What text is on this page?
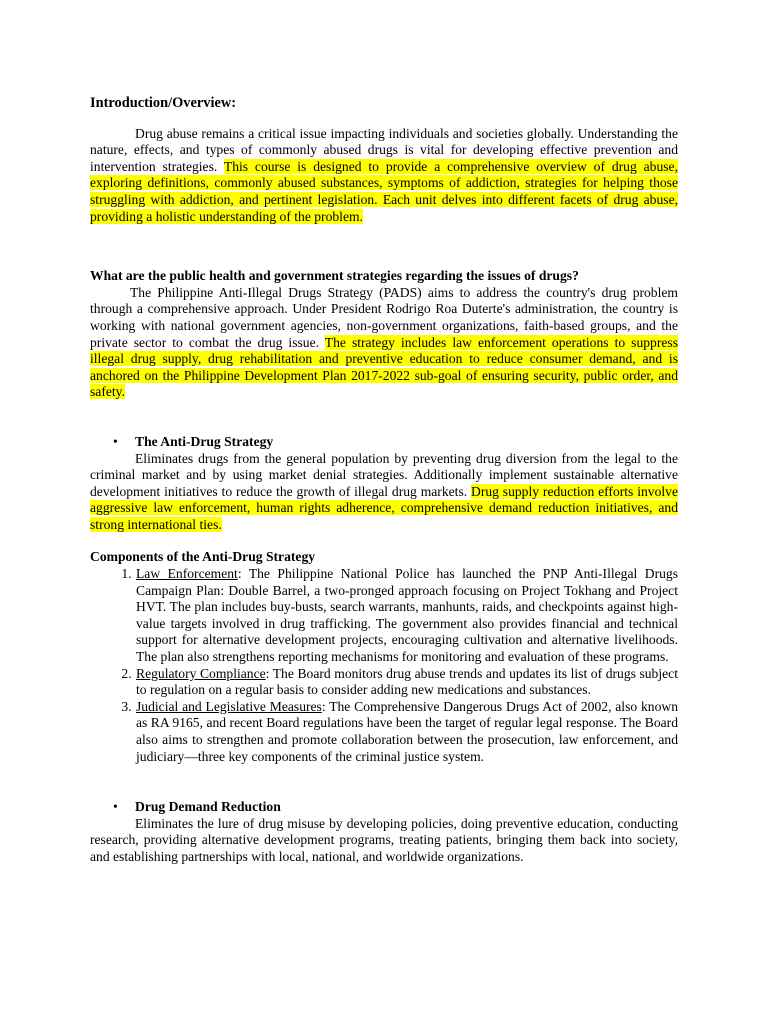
Introduction/Overview:

Drug abuse remains a critical issue impacting individuals and societies globally. Understanding the nature, effects, and types of commonly abused drugs is vital for developing effective prevention and intervention strategies. This course is designed to provide a comprehensive overview of drug abuse, exploring definitions, commonly abused substances, symptoms of addiction, strategies for helping those struggling with addiction, and pertinent legislation. Each unit delves into different facets of drug abuse, providing a holistic understanding of the problem.

What are the public health and government strategies regarding the issues of drugs?

The Philippine Anti-Illegal Drugs Strategy (PADS) aims to address the country's drug problem through a comprehensive approach. Under President Rodrigo Roa Duterte's administration, the country is working with national government agencies, non-government organizations, faith-based groups, and the private sector to combat the drug issue. The strategy includes law enforcement operations to suppress illegal drug supply, drug rehabilitation and preventive education to reduce consumer demand, and is anchored on the Philippine Development Plan 2017-2022 sub-goal of ensuring security, public order, and safety.

• The Anti-Drug Strategy

Eliminates drugs from the general population by preventing drug diversion from the legal to the criminal market and by using market denial strategies. Additionally implement sustainable alternative development initiatives to reduce the growth of illegal drug markets. Drug supply reduction efforts involve aggressive law enforcement, human rights adherence, comprehensive demand reduction initiatives, and strong international ties.

Components of the Anti-Drug Strategy

1. Law Enforcement: The Philippine National Police has launched the PNP Anti-Illegal Drugs Campaign Plan: Double Barrel, a two-pronged approach focusing on Project Tokhang and Project HVT. The plan includes buy-busts, search warrants, manhunts, raids, and checkpoints against high-value targets involved in drug trafficking. The government also provides financial and technical support for alternative development projects, encouraging cultivation and alternative livelihoods. The plan also strengthens reporting mechanisms for monitoring and evaluation of these programs.
2. Regulatory Compliance: The Board monitors drug abuse trends and updates its list of drugs subject to regulation on a regular basis to consider adding new medications and substances.
3. Judicial and Legislative Measures: The Comprehensive Dangerous Drugs Act of 2002, also known as RA 9165, and recent Board regulations have been the target of regular legal response. The Board also aims to strengthen and promote collaboration between the prosecution, law enforcement, and judiciary—three key components of the criminal justice system.
• Drug Demand Reduction

Eliminates the lure of drug misuse by developing policies, doing preventive education, conducting research, providing alternative development programs, treating patients, bringing them back into society, and establishing partnerships with local, national, and worldwide organizations.
